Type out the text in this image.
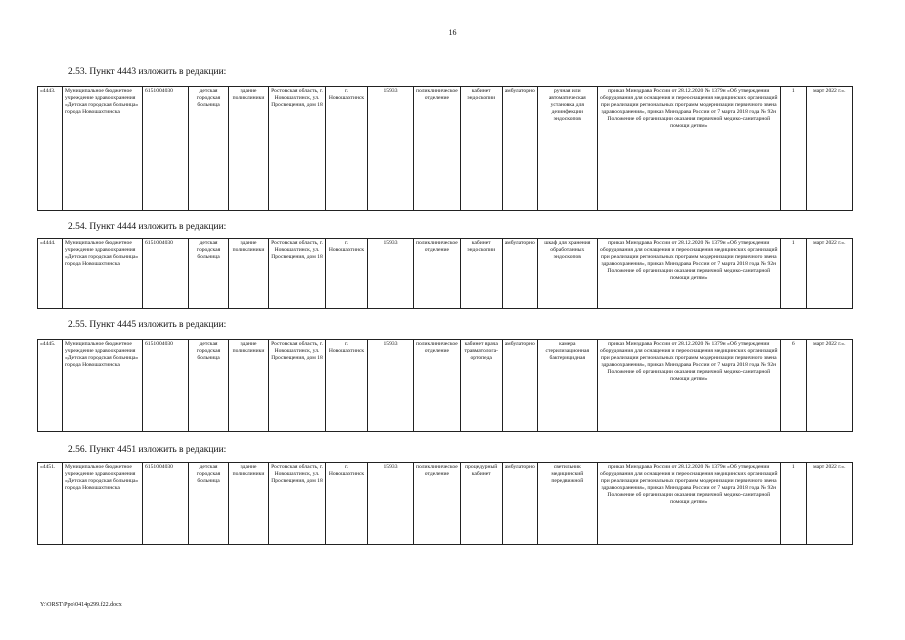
16
2.53. Пункт 4443 изложить в редакции:
«4443.	Муниципальное бюджетное учреждение здравоохранения «Детская городская больница» города Новошахтинска	6151004030	детская городская больница	здание поликлиники	Ростовская область, г. Новошахтинск, ул. Просвещения, дом 18	г. Новошахтинск	15933	поликлиническое отделение	кабинет эндоскопии	амбулаторно	ручная или автоматическая установка для дезинфекции эндоскопов	приказ Минздрава России от 28.12.2020 № 1379н «Об утверждении оборудования для оснащения и переоснащения медицинских организаций при реализации региональных программ модернизации первичного звена здравоохранения», приказ Минздрава России от 7 марта 2018 года № 92н Положение об организации оказания первичной медико-санитарной помощи детям»	1	март 2022 г.».
2.54. Пункт 4444 изложить в редакции:
«4444.	Муниципальное бюджетное учреждение здравоохранения «Детская городская больница» города Новошахтинска	6151004030	детская городская больница	здание поликлиники	Ростовская область, г. Новошахтинск, ул. Просвещения, дом 18	г. Новошахтинск	15933	поликлиническое отделение	кабинет эндоскопии	амбулаторно	шкаф для хранения обработанных эндоскопов	приказ Минздрава России от 28.12.2020 № 1379н «Об утверждении оборудования для оснащения и переоснащения медицинских организаций при реализации региональных программ модернизации первичного звена здравоохранения», приказ Минздрава России от 7 марта 2018 года № 92н Положение об организации оказания первичной медико-санитарной помощи детям»	1	март 2022 г.».
2.55. Пункт 4445 изложить в редакции:
«4445.	Муниципальное бюджетное учреждение здравоохранения «Детская городская больница» города Новошахтинска	6151004030	детская городская больница	здание поликлиники	Ростовская область, г. Новошахтинск, ул. Просвещения, дом 18	г. Новошахтинск	15933	поликлиническое отделение	кабинет врача травматолога-ортопеда	амбулаторно	камера стерилизационная бактерицидная	приказ Минздрава России от 28.12.2020 № 1379н «Об утверждении оборудования для оснащения и переоснащения медицинских организаций при реализации региональных программ модернизации первичного звена здравоохранения», приказ Минздрава России от 7 марта 2018 года № 92н Положение об организации оказания первичной медико-санитарной помощи детям»	6	март 2022 г.».
2.56. Пункт 4451 изложить в редакции:
«4451.	Муниципальное бюджетное учреждение здравоохранения «Детская городская больница» города Новошахтинска	6151004030	детская городская больница	здание поликлиники	Ростовская область, г. Новошахтинск, ул. Просвещения, дом 18	г. Новошахтинск	15933	поликлиническое отделение	процедурный кабинет	амбулаторно	светильник медицинский передвижной	приказ Минздрава России от 28.12.2020 № 1379н «Об утверждении оборудования для оснащения и переоснащения медицинских организаций при реализации региональных программ модернизации первичного звена здравоохранения», приказ Минздрава России от 7 марта 2018 года № 92н Положение об организации оказания первичной медико-санитарной помощи детям»	1	март 2022 г.».
Y:\ORST\Ppo\0414p299.f22.docx
